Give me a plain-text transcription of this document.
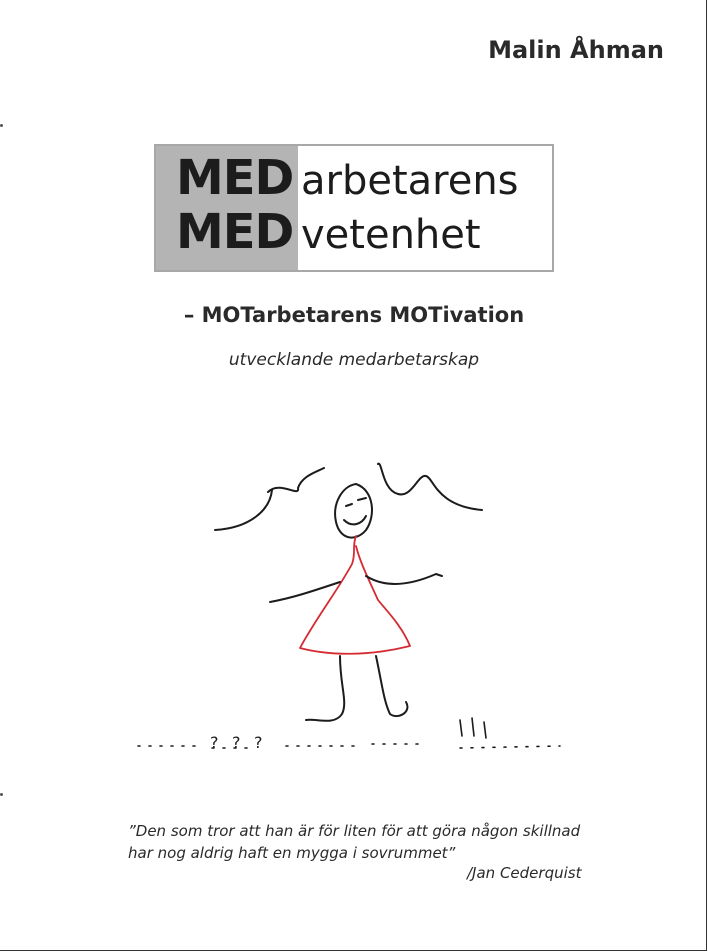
Malin Åhman
MED arbetarens
MED vetenhet
– MOTarbetarens MOTivation
utvecklande medarbetarskap
? ? ?
”Den som tror att han är för liten för att göra någon skillnad
har nog aldrig haft en mygga i sovrummet”
/Jan Cederquist
